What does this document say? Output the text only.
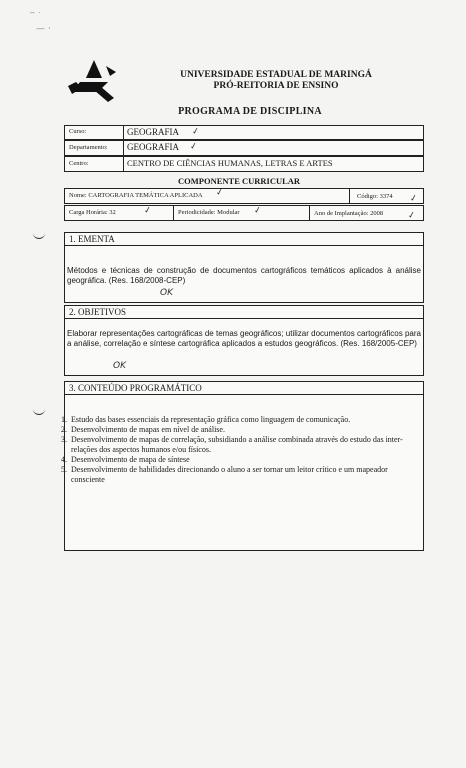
‾ ˙
— ·
UNIVERSIDADE ESTADUAL DE MARINGÁ
PRÓ-REITORIA DE ENSINO
PROGRAMA DE DISCIPLINA
Curso:	GEOGRAFIA
Departamento: GEOGRAFIA
Centro:	CENTRO DE CIÊNCIAS HUMANAS, LETRAS E ARTES
COMPONENTE CURRICULAR
Nome: CARTOGRAFIA TEMÁTICA APLICADA	Código: 3374
Carga Horária: 32	Periodicidade: Modular	Ano de Implantação: 2008
1. EMENTA
Métodos e técnicas de construção de documentos cartográficos temáticos aplicados à análise geográfica. (Res. 168/2008-CEP)
OK
2. OBJETIVOS
Elaborar representações cartográficas de temas geográficos; utilizar documentos cartográficos para a análise, correlação e síntese cartográfica aplicados a estudos geográficos. (Res. 168/2005-CEP)
OK
3. CONTEÚDO PROGRAMÁTICO
1. Estudo das bases essenciais da representação gráfica como linguagem de comunicação.
2. Desenvolvimento de mapas em nível de análise.
3. Desenvolvimento de mapas de correlação, subsidiando a análise combinada através do estudo das inter-relações dos aspectos humanos e/ou físicos.
4. Desenvolvimento de mapa de síntese
5. Desenvolvimento de habilidades direcionando o aluno a ser tornar um leitor crítico e um mapeador consciente
✓
✓
✓
✓	✓
✓
✓
